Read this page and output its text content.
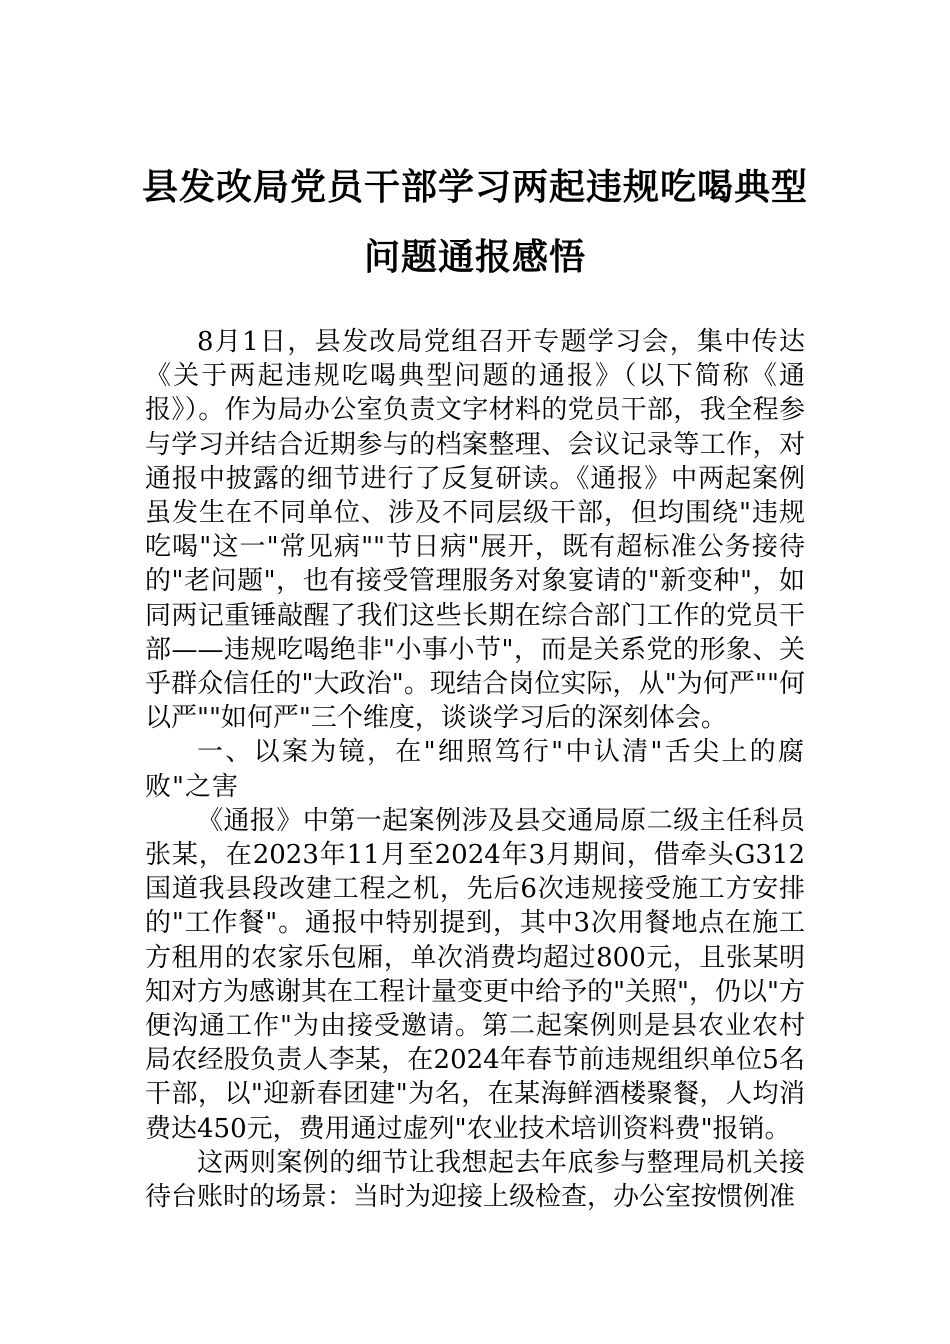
县发改局党员干部学习两起违规吃喝典型
问题通报感悟

8月1日，县发改局党组召开专题学习会，集中传达《关于两起违规吃喝典型问题的通报》（以下简称《通报》）。作为局办公室负责文字材料的党员干部，我全程参与学习并结合近期参与的档案整理、会议记录等工作，对通报中披露的细节进行了反复研读。《通报》中两起案例虽发生在不同单位、涉及不同层级干部，但均围绕"违规吃喝"这一"常见病""节日病"展开，既有超标准公务接待的"老问题"，也有接受管理服务对象宴请的"新变种"，如同两记重锤敲醒了我们这些长期在综合部门工作的党员干部——违规吃喝绝非"小事小节"，而是关系党的形象、关乎群众信任的"大政治"。现结合岗位实际，从"为何严""何以严""如何严"三个维度，谈谈学习后的深刻体会。

一、以案为镜，在"细照笃行"中认清"舌尖上的腐败"之害

《通报》中第一起案例涉及县交通局原二级主任科员张某，在2023年11月至2024年3月期间，借牵头G312国道我县段改建工程之机，先后6次违规接受施工方安排的"工作餐"。通报中特别提到，其中3次用餐地点在施工方租用的农家乐包厢，单次消费均超过800元，且张某明知对方为感谢其在工程计量变更中给予的"关照"，仍以"方便沟通工作"为由接受邀请。第二起案例则是县农业农村局农经股负责人李某，在2024年春节前违规组织单位5名干部，以"迎新春团建"为名，在某海鲜酒楼聚餐，人均消费达450元，费用通过虚列"农业技术培训资料费"报销。

这两则案例的细节让我想起去年底参与整理局机关接待台账时的场景：当时为迎接上级检查，办公室按惯例准
